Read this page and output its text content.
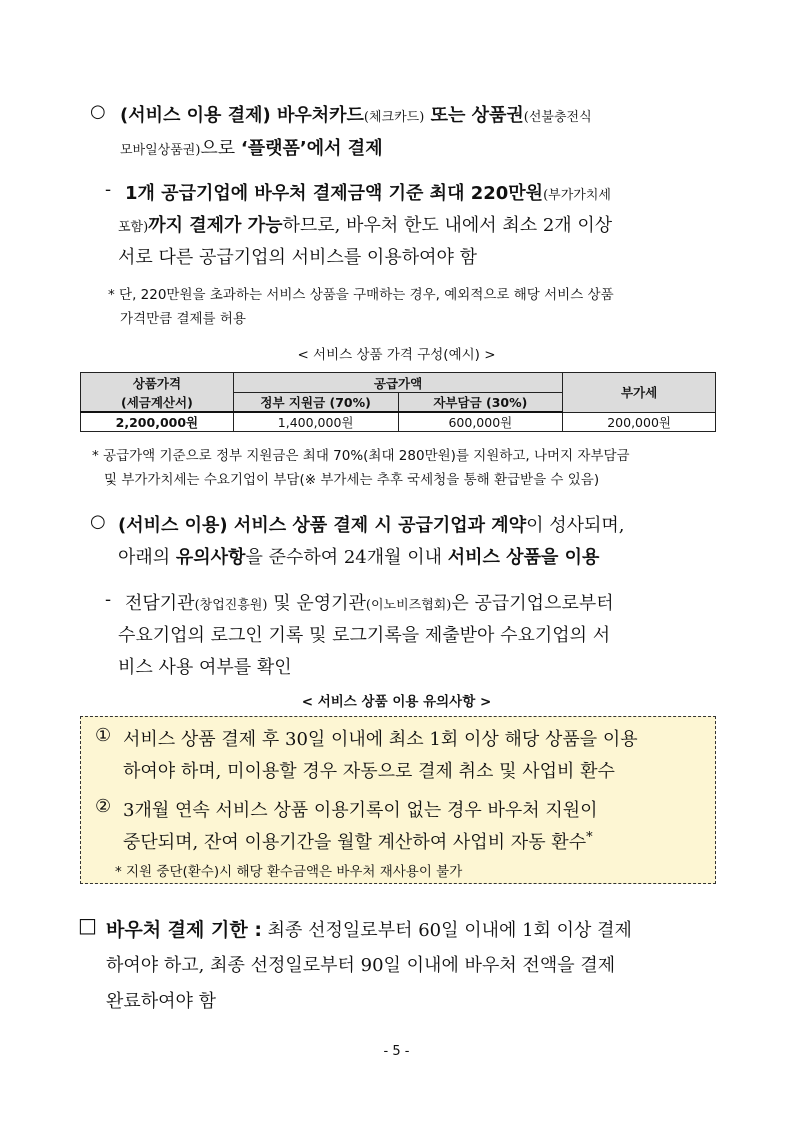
○ (서비스 이용 결제) 바우처카드(체크카드) 또는 상품권(선불충전식
모바일상품권)으로 ‘플랫폼’에서 결제
- 1개 공급기업에 바우처 결제금액 기준 최대 220만원(부가가치세
포함)까지 결제가 가능하므로, 바우처 한도 내에서 최소 2개 이상
서로 다른 공급기업의 서비스를 이용하여야 함
* 단, 220만원을 초과하는 서비스 상품을 구매하는 경우, 예외적으로 해당 서비스 상품
가격만큼 결제를 허용
< 서비스 상품 가격 구성(예시) >
상품가격	공급가액		부가세
(세금계산서)	정부 지원금 (70%)	자부담금 (30%)	
2,200,000원	1,400,000원	600,000원	200,000원
* 공급가액 기준으로 정부 지원금은 최대 70%(최대 280만원)를 지원하고, 나머지 자부담금
및 부가가치세는 수요기업이 부담(※ 부가세는 추후 국세청을 통해 환급받을 수 있음)
○ (서비스 이용) 서비스 상품 결제 시 공급기업과 계약이 성사되며,
아래의 유의사항을 준수하여 24개월 이내 서비스 상품을 이용
- 전담기관(창업진흥원) 및 운영기관(이노비즈협회)은 공급기업으로부터
수요기업의 로그인 기록 및 로그기록을 제출받아 수요기업의 서
비스 사용 여부를 확인
< 서비스 상품 이용 유의사항 >
① 서비스 상품 결제 후 30일 이내에 최소 1회 이상 해당 상품을 이용
하여야 하며, 미이용할 경우 자동으로 결제 취소 및 사업비 환수
② 3개월 연속 서비스 상품 이용기록이 없는 경우 바우처 지원이
중단되며, 잔여 이용기간을 월할 계산하여 사업비 자동 환수*
* 지원 중단(환수)시 해당 환수금액은 바우처 재사용이 불가
□ 바우처 결제 기한 : 최종 선정일로부터 60일 이내에 1회 이상 결제
하여야 하고, 최종 선정일로부터 90일 이내에 바우처 전액을 결제
완료하여야 함
- 5 -
